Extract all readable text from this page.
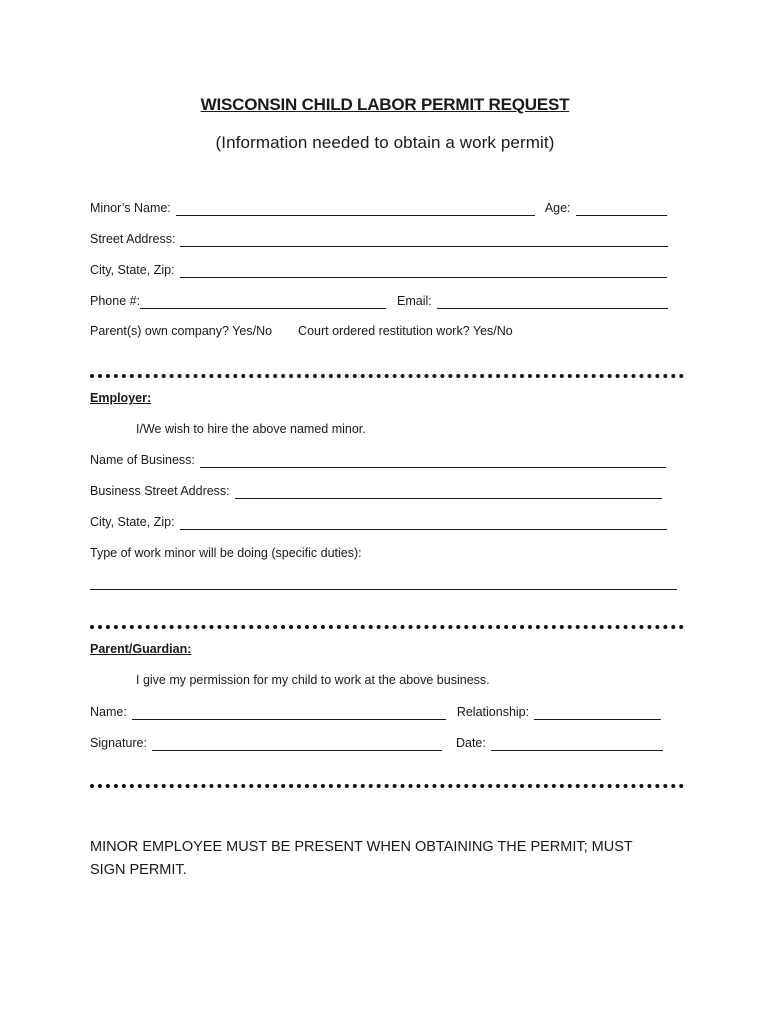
WISCONSIN CHILD LABOR PERMIT REQUEST
(Information needed to obtain a work permit)
Minor’s Name:	Age:
Street Address:
City, State, Zip:
Phone #:	Email:
Parent(s) own company? Yes/No Court ordered restitution work? Yes/No
Employer:
I/We wish to hire the above named minor.
Name of Business:
Business Street Address:
City, State, Zip:
Type of work minor will be doing (specific duties):
Parent/Guardian:
I give my permission for my child to work at the above business.
Name:	Relationship:
Signature:	Date:
MINOR EMPLOYEE MUST BE PRESENT WHEN OBTAINING THE PERMIT; MUST SIGN PERMIT.
